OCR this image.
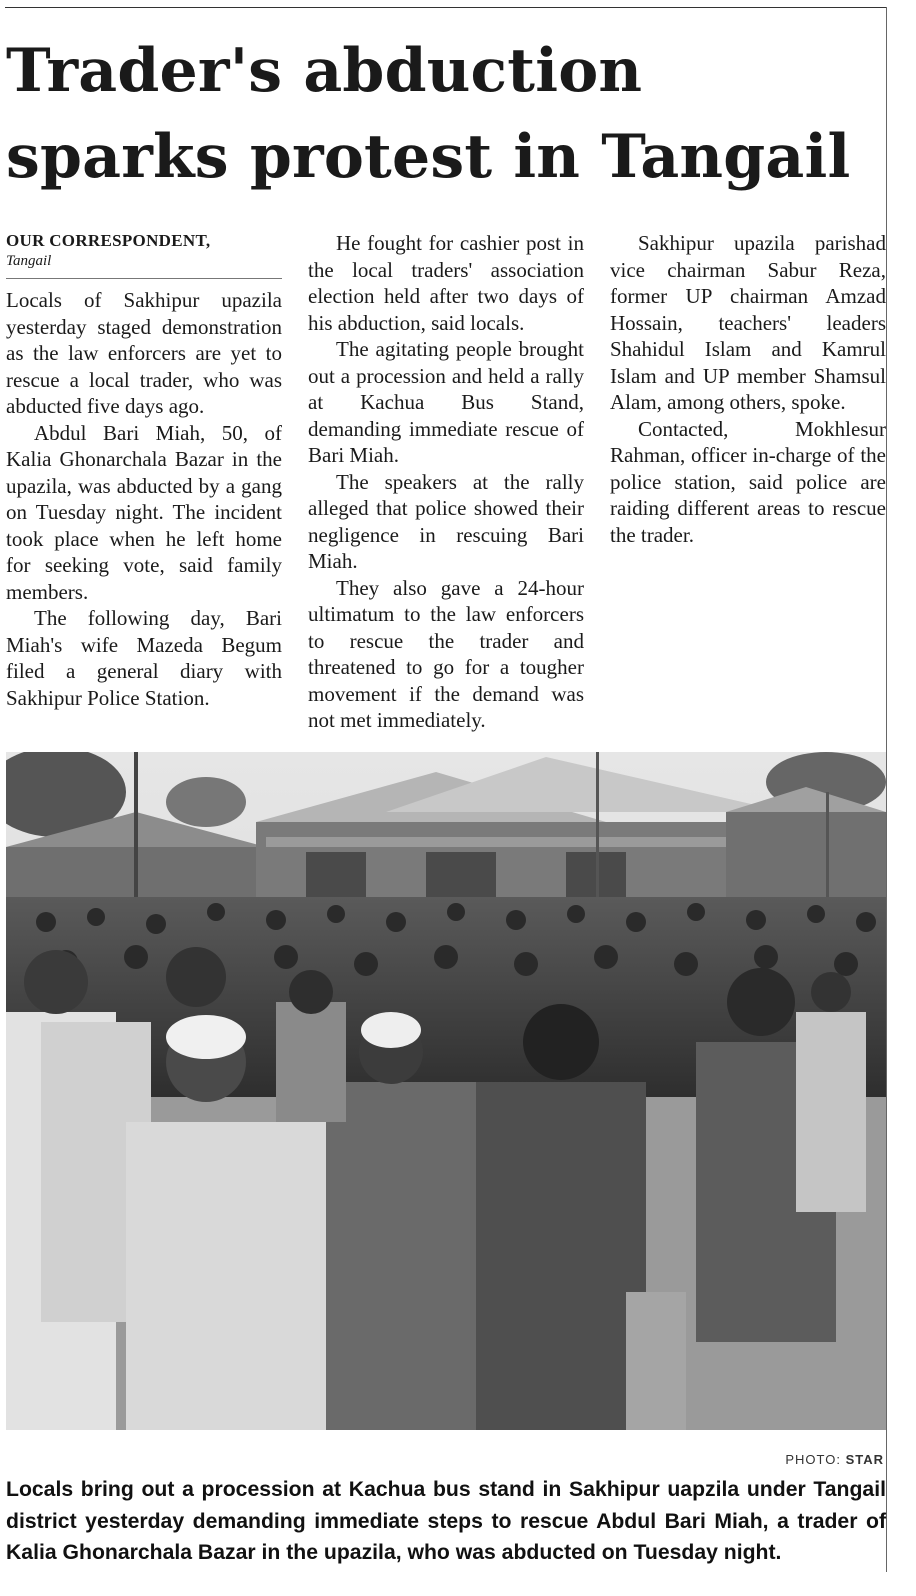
Trader's abduction sparks protest in Tangail
OUR CORRESPONDENT,
Tangail

Locals of Sakhipur upazila yesterday staged demonstration as the law enforcers are yet to rescue a local trader, who was abducted five days ago.

Abdul Bari Miah, 50, of Kalia Ghonarchala Bazar in the upazila, was abducted by a gang on Tuesday night. The incident took place when he left home for seeking vote, said family members.

The following day, Bari Miah's wife Mazeda Begum filed a general diary with Sakhipur Police Station.

He fought for cashier post in the local traders' association election held after two days of his abduction, said locals.

The agitating people brought out a procession and held a rally at Kachua Bus Stand, demanding immediate rescue of Bari Miah.

The speakers at the rally alleged that police showed their negligence in rescuing Bari Miah.

They also gave a 24-hour ultimatum to the law enforcers to rescue the trader and threatened to go for a tougher movement if the demand was not met immediately.

Sakhipur upazila parishad vice chairman Sabur Reza, former UP chairman Amzad Hossain, teachers' leaders Shahidul Islam and Kamrul Islam and UP member Shamsul Alam, among others, spoke.

Contacted, Mokhlesur Rahman, officer in-charge of the police station, said police are raiding different areas to rescue the trader.

PHOTO: STAR

Locals bring out a procession at Kachua bus stand in Sakhipur uapzila under Tangail district yesterday demanding immediate steps to rescue Abdul Bari Miah, a trader of Kalia Ghonarchala Bazar in the upazila, who was abducted on Tuesday night.
